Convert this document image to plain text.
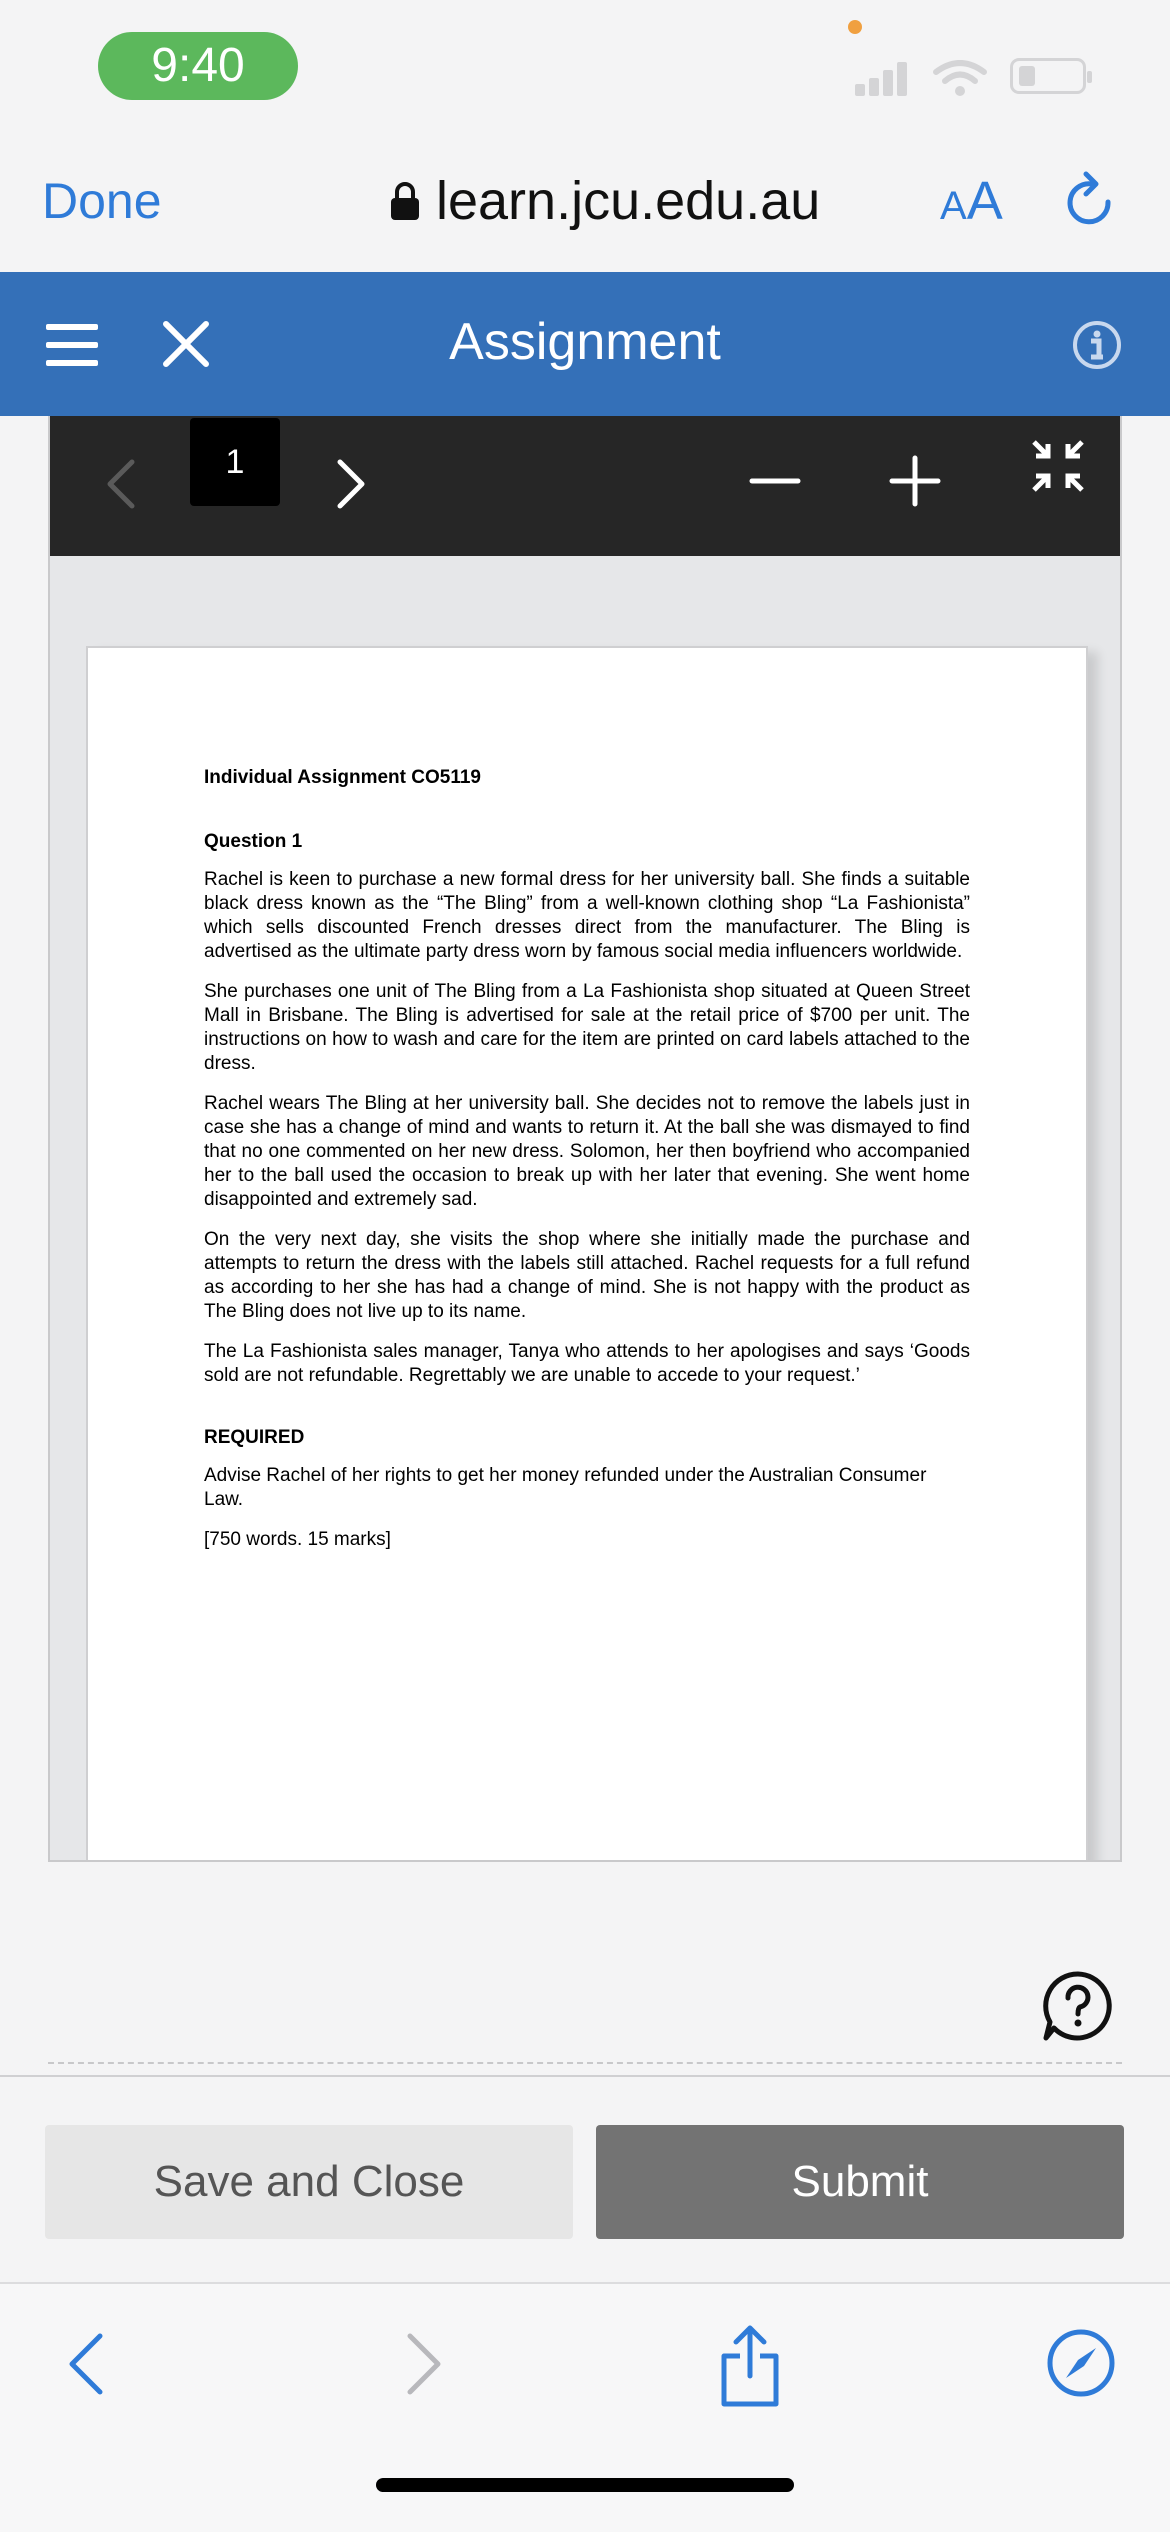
9:40
Done	learn.jcu.edu.au	AA
Assignment
1
Individual Assignment CO5119
Question 1

Rachel is keen to purchase a new formal dress for her university ball. She finds a suitable black dress known as the “The Bling” from a well-known clothing shop “La Fashionista” which sells discounted French dresses direct from the manufacturer. The Bling is advertised as the ultimate party dress worn by famous social media influencers worldwide.

She purchases one unit of The Bling from a La Fashionista shop situated at Queen Street Mall in Brisbane. The Bling is advertised for sale at the retail price of $700 per unit. The instructions on how to wash and care for the item are printed on card labels attached to the dress.

Rachel wears The Bling at her university ball. She decides not to remove the labels just in case she has a change of mind and wants to return it. At the ball she was dismayed to find that no one commented on her new dress. Solomon, her then boyfriend who accompanied her to the ball used the occasion to break up with her later that evening. She went home disappointed and extremely sad.

On the very next day, she visits the shop where she initially made the purchase and attempts to return the dress with the labels still attached. Rachel requests for a full refund as according to her she has had a change of mind. She is not happy with the product as The Bling does not live up to its name.

The La Fashionista sales manager, Tanya who attends to her apologises and says ‘Goods sold are not refundable. Regrettably we are unable to accede to your request.’

REQUIRED

Advise Rachel of her rights to get her money refunded under the Australian Consumer Law.

[750 words. 15 marks]

Save and Close	Submit
